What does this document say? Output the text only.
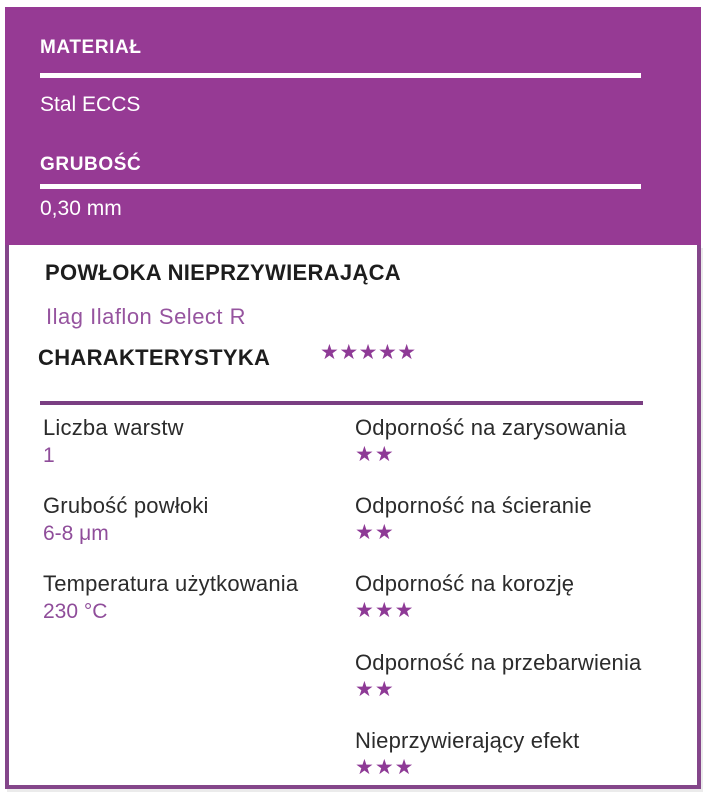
MATERIAŁ
Stal ECCS
GRUBOŚĆ
0,30 mm
POWŁOKA NIEPRZYWIERAJĄCA
Ilag Ilaflon Select R
CHARAKTERYSTYKA ★★★★★
Liczba warstw
1
Grubość powłoki
6-8 μm
Temperatura użytkowania
230 °C
Odporność na zarysowania
★★
Odporność na ścieranie
★★
Odporność na korozję
★★★
Odporność na przebarwienia
★★
Nieprzywierający efekt
★★★
